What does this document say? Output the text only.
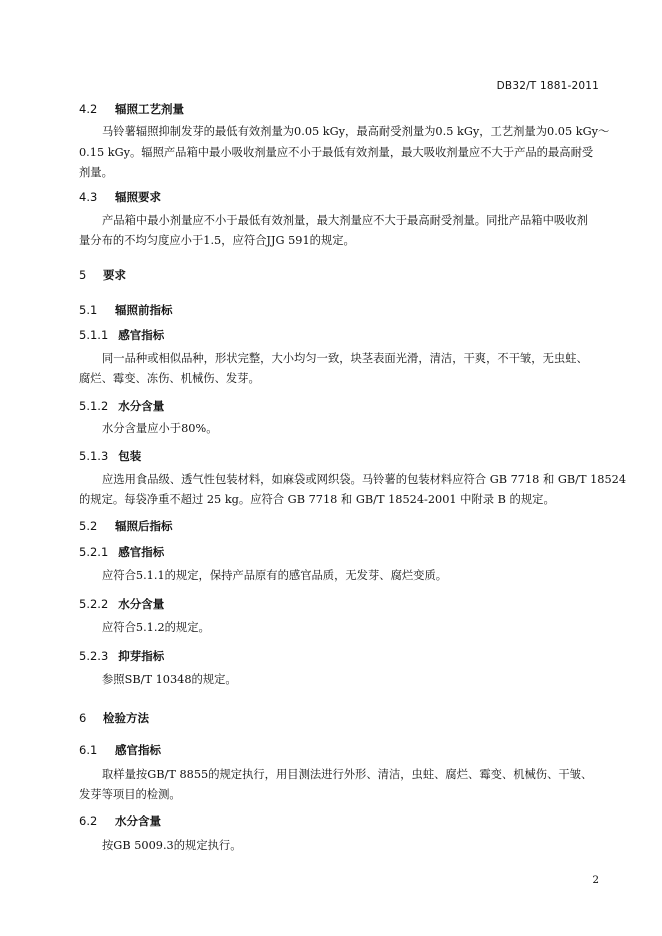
DB32/T 1881-2011
4.2 辐照工艺剂量
马铃薯辐照抑制发芽的最低有效剂量为0.05 kGy，最高耐受剂量为0.5 kGy，工艺剂量为0.05 kGy～
0.15 kGy。辐照产品箱中最小吸收剂量应不小于最低有效剂量，最大吸收剂量应不大于产品的最高耐受
剂量。
4.3 辐照要求
产品箱中最小剂量应不小于最低有效剂量，最大剂量应不大于最高耐受剂量。同批产品箱中吸收剂
量分布的不均匀度应小于1.5，应符合JJG 591的规定。
5 要求
5.1 辐照前指标
5.1.1 感官指标
同一品种或相似品种，形状完整，大小均匀一致，块茎表面光滑，清洁，干爽，不干皱，无虫蛀、
腐烂、霉变、冻伤、机械伤、发芽。
5.1.2 水分含量
水分含量应小于80%。
5.1.3 包装
应选用食品级、透气性包装材料，如麻袋或网织袋。马铃薯的包装材料应符合 GB 7718 和 GB/T 18524
的规定。每袋净重不超过 25 kg。应符合 GB 7718 和 GB/T 18524-2001 中附录 B 的规定。
5.2 辐照后指标
5.2.1 感官指标
应符合5.1.1的规定，保持产品原有的感官品质，无发芽、腐烂变质。
5.2.2 水分含量
应符合5.1.2的规定。
5.2.3 抑芽指标
参照SB/T 10348的规定。
6 检验方法
6.1 感官指标
取样量按GB/T 8855的规定执行，用目测法进行外形、清洁，虫蛀、腐烂、霉变、机械伤、干皱、
发芽等项目的检测。
6.2 水分含量
按GB 5009.3的规定执行。
2
